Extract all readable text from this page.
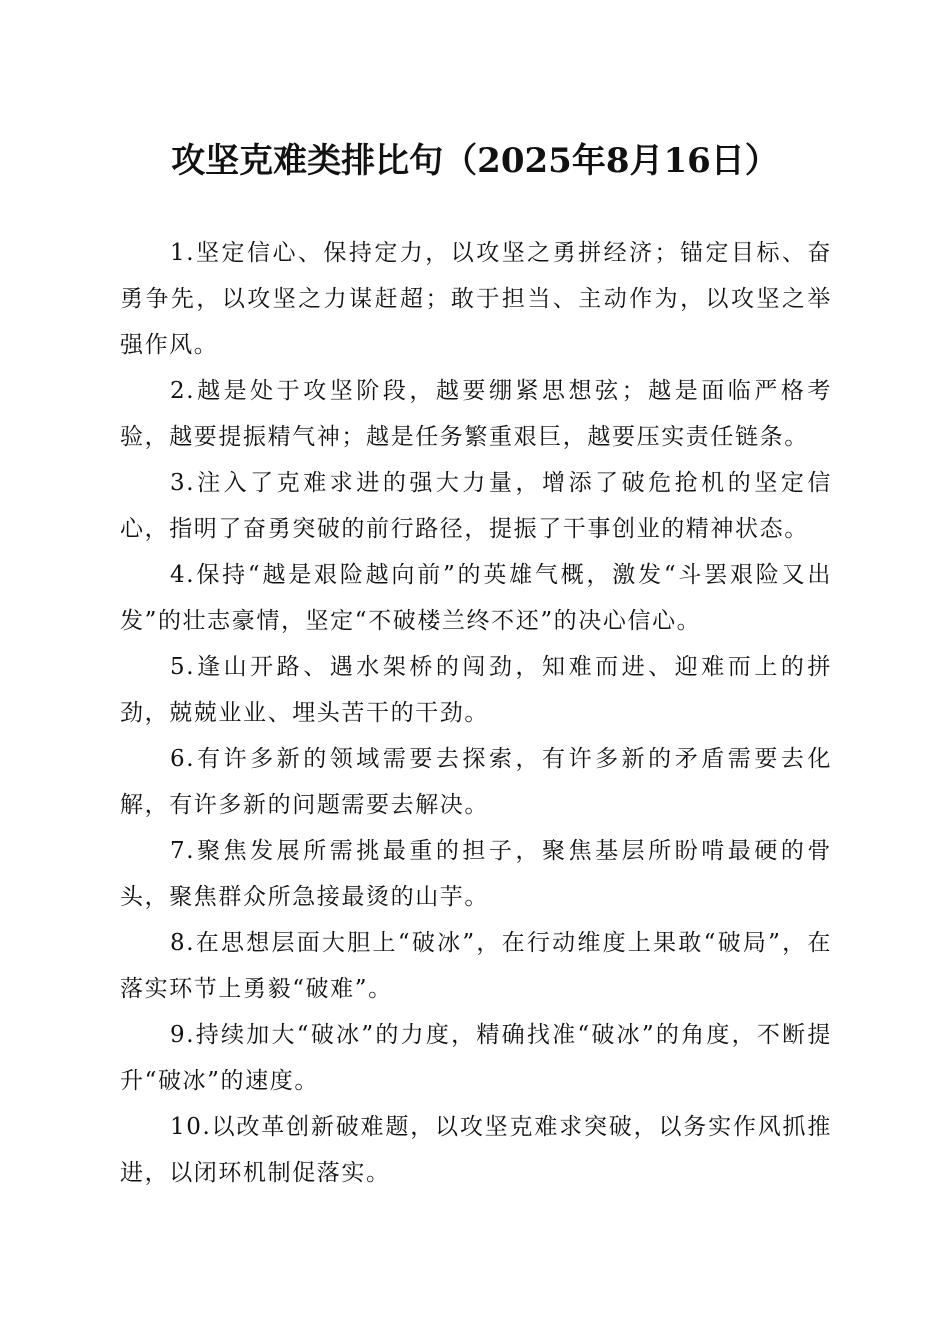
攻坚克难类排比句（2025年8月16日）

1.坚定信心、保持定力，以攻坚之勇拼经济；锚定目标、奋勇争先，以攻坚之力谋赶超；敢于担当、主动作为，以攻坚之举强作风。

2.越是处于攻坚阶段，越要绷紧思想弦；越是面临严格考验，越要提振精气神；越是任务繁重艰巨，越要压实责任链条。

3.注入了克难求进的强大力量，增添了破危抢机的坚定信心，指明了奋勇突破的前行路径，提振了干事创业的精神状态。

4.保持“越是艰险越向前”的英雄气概，激发“斗罢艰险又出发”的壮志豪情，坚定“不破楼兰终不还”的决心信心。

5.逢山开路、遇水架桥的闯劲，知难而进、迎难而上的拼劲，兢兢业业、埋头苦干的干劲。

6.有许多新的领域需要去探索，有许多新的矛盾需要去化解，有许多新的问题需要去解决。

7.聚焦发展所需挑最重的担子，聚焦基层所盼啃最硬的骨头，聚焦群众所急接最烫的山芋。

8.在思想层面大胆上“破冰”，在行动维度上果敢“破局”，在落实环节上勇毅“破难”。

9.持续加大“破冰”的力度，精确找准“破冰”的角度，不断提升“破冰”的速度。

10.以改革创新破难题，以攻坚克难求突破，以务实作风抓推进，以闭环机制促落实。
